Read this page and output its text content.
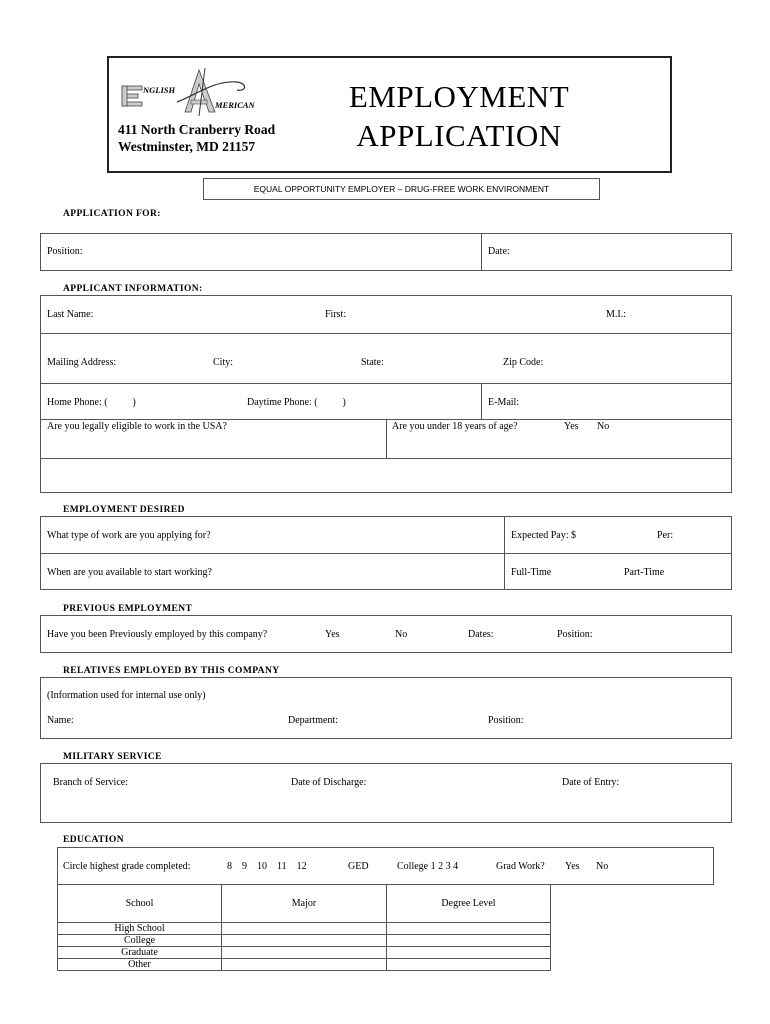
NGLISH
MERICAN
411 North Cranberry Road
Westminster, MD 21157
EMPLOYMENT
APPLICATION
EQUAL OPPORTUNITY EMPLOYER – DRUG-FREE WORK ENVIRONMENT
APPLICATION FOR:
Position:	Date:
APPLICANT INFORMATION:
Last Name:	First:	M.I.:
Mailing Address:	City:	State:	Zip Code:
Home Phone: (          )	Daytime Phone: (          )	E-Mail:
Are you legally eligible to work in the USA?	Are you under 18 years of age?	Yes No
EMPLOYMENT DESIRED
What type of work are you applying for?	Expected Pay: $	Per:
When are you available to start working?	Full-Time	Part-Time
PREVIOUS EMPLOYMENT
Have you been Previously employed by this company?	Yes	No	Dates:	Position:
RELATIVES EMPLOYED BY THIS COMPANY
(Information used for internal use only)
Name:	Department:	Position:
MILITARY SERVICE
Branch of Service:	Date of Discharge:	Date of Entry:
EDUCATION
Circle highest grade completed:	8    9    10    11    12	GED	College 1 2 3 4	Grad Work? Yes No
School	Major	Degree Level
High School		
College		
Graduate		
Other		
